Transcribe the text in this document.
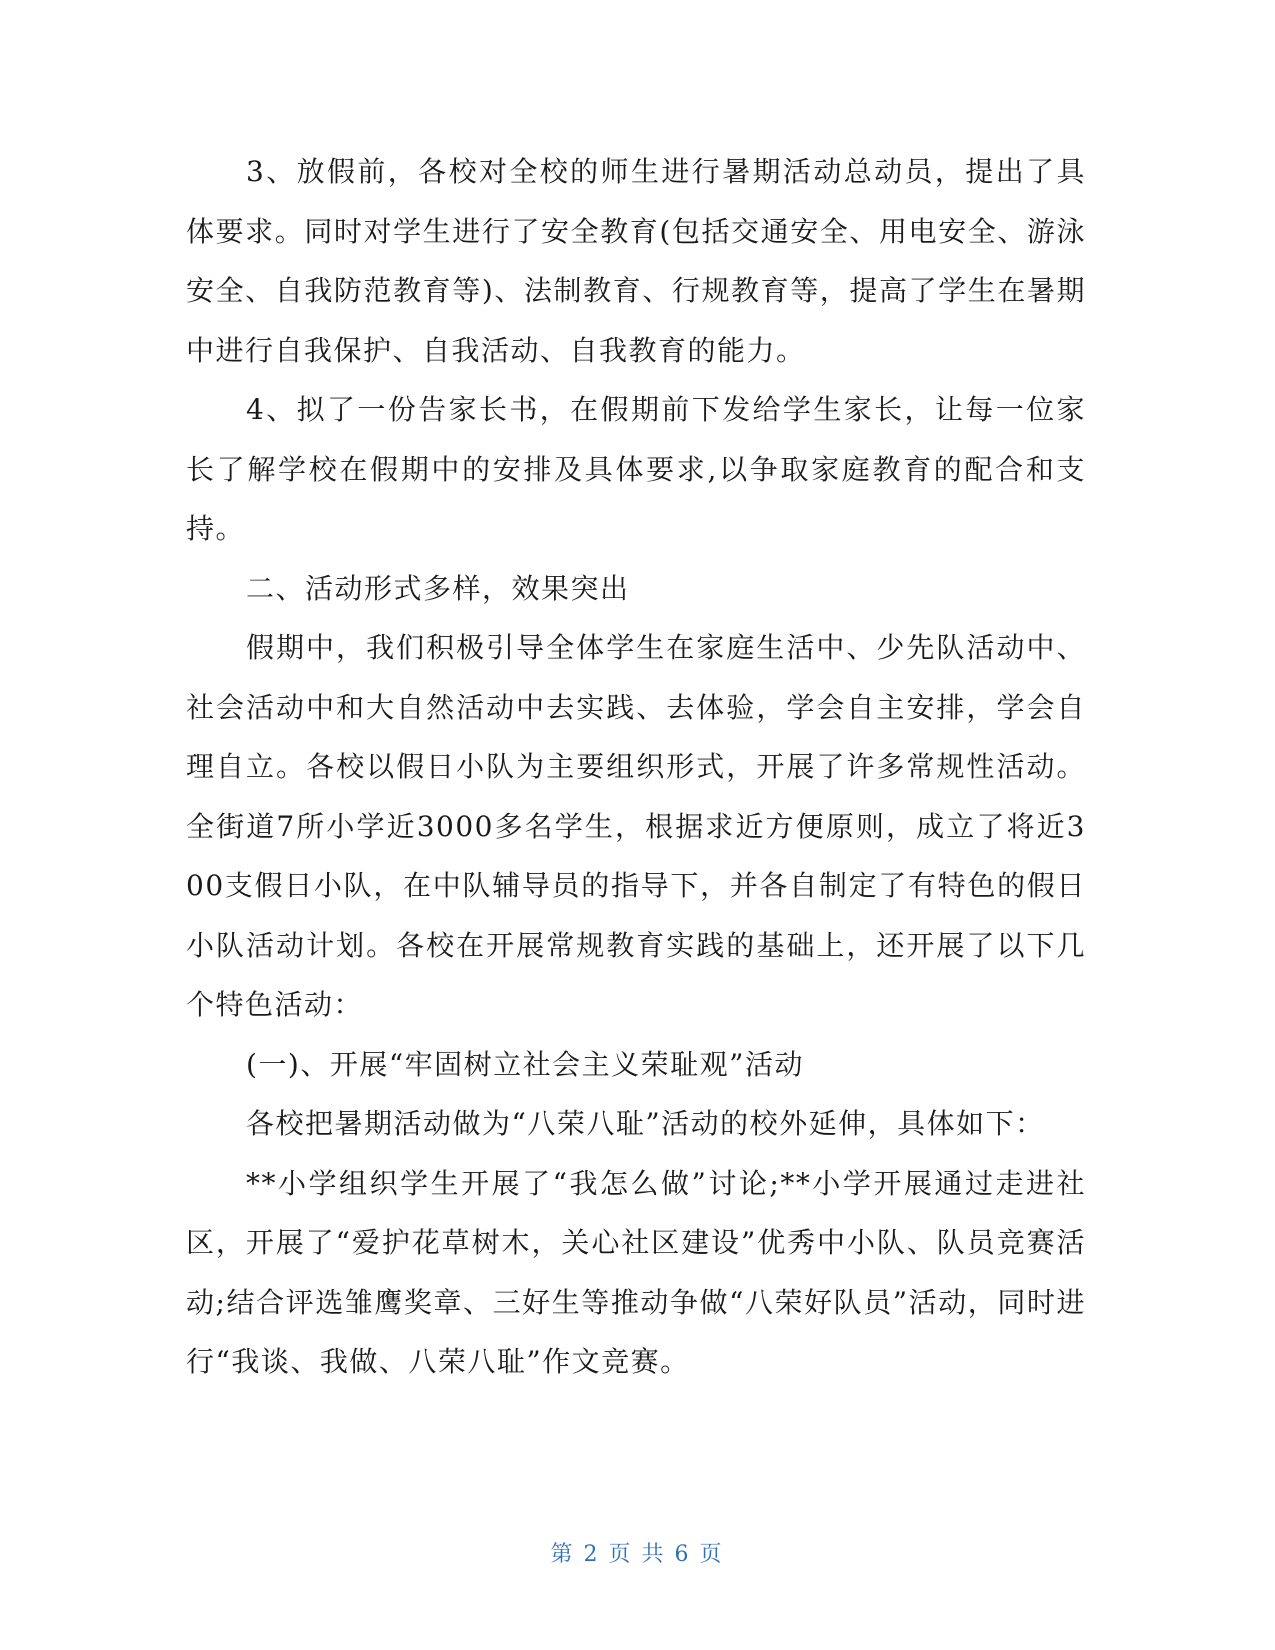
3、放假前，各校对全校的师生进行暑期活动总动员，提出了具体要求。同时对学生进行了安全教育(包括交通安全、用电安全、游泳安全、自我防范教育等)、法制教育、行规教育等，提高了学生在暑期中进行自我保护、自我活动、自我教育的能力。

4、拟了一份告家长书，在假期前下发给学生家长，让每一位家长了解学校在假期中的安排及具体要求,以争取家庭教育的配合和支持。

二、活动形式多样，效果突出

假期中，我们积极引导全体学生在家庭生活中、少先队活动中、社会活动中和大自然活动中去实践、去体验，学会自主安排，学会自理自立。各校以假日小队为主要组织形式，开展了许多常规性活动。全街道7所小学近3000多名学生，根据求近方便原则，成立了将近300支假日小队，在中队辅导员的指导下，并各自制定了有特色的假日小队活动计划。各校在开展常规教育实践的基础上，还开展了以下几个特色活动：

(一)、开展“牢固树立社会主义荣耻观”活动

各校把暑期活动做为“八荣八耻”活动的校外延伸，具体如下：

**小学组织学生开展了“我怎么做”讨论;**小学开展通过走进社区，开展了“爱护花草树木，关心社区建设”优秀中小队、队员竞赛活动;结合评选雏鹰奖章、三好生等推动争做“八荣好队员”活动，同时进行“我谈、我做、八荣八耻”作文竞赛。

第 2 页 共 6 页
